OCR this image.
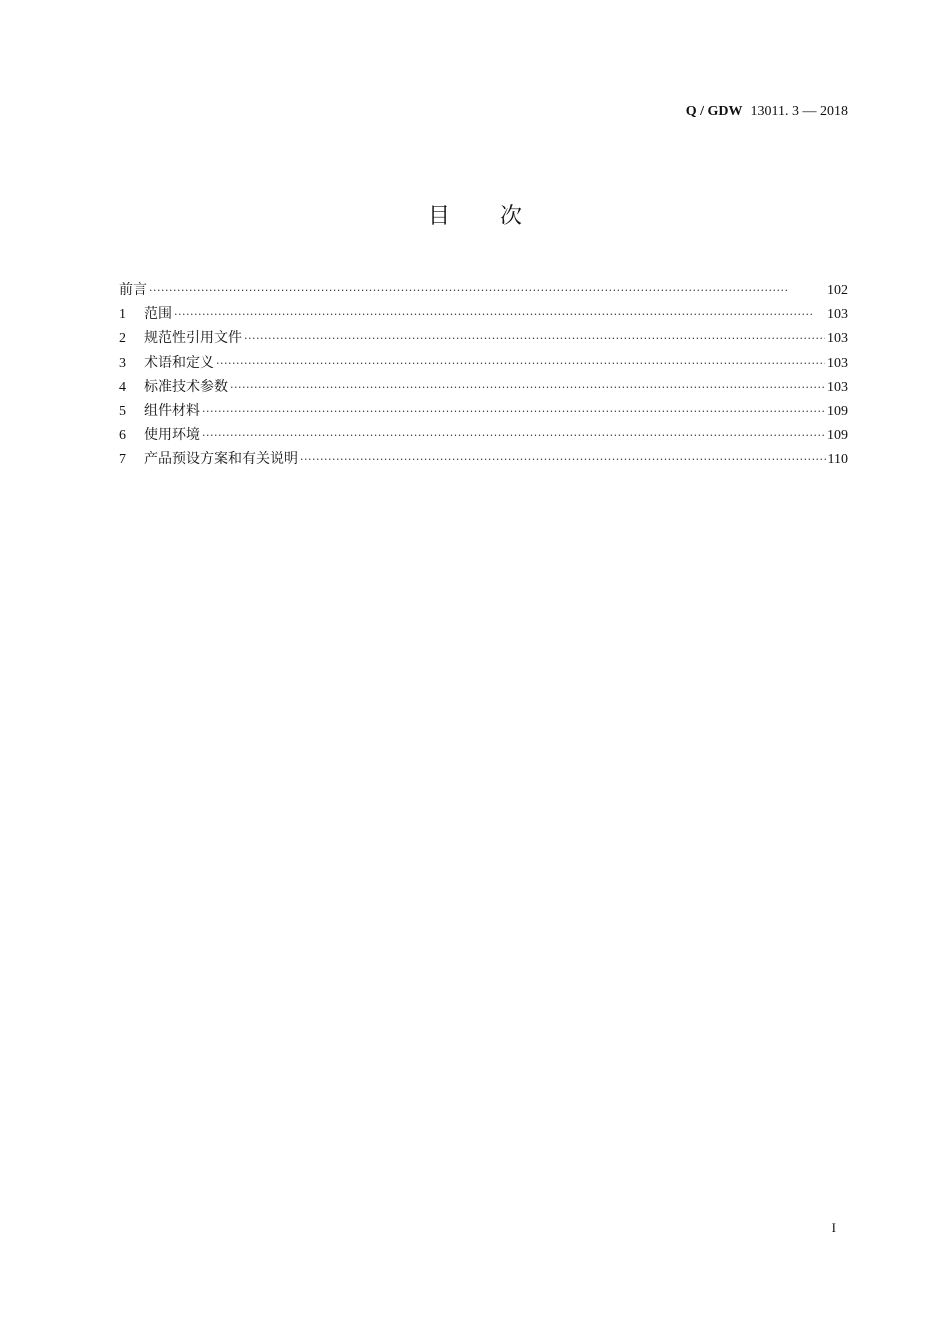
Q / GDW 13011. 3 — 2018
目次
前言 ·····	102
1	范围 ·····	103
2	规范性引用文件 ·····	103
3	术语和定义 ·····	103
4	标准技术参数 ·····	103
5	组件材料 ·····	109
6	使用环境 ·····	109
7	产品预设方案和有关说明 ·····	110
I
